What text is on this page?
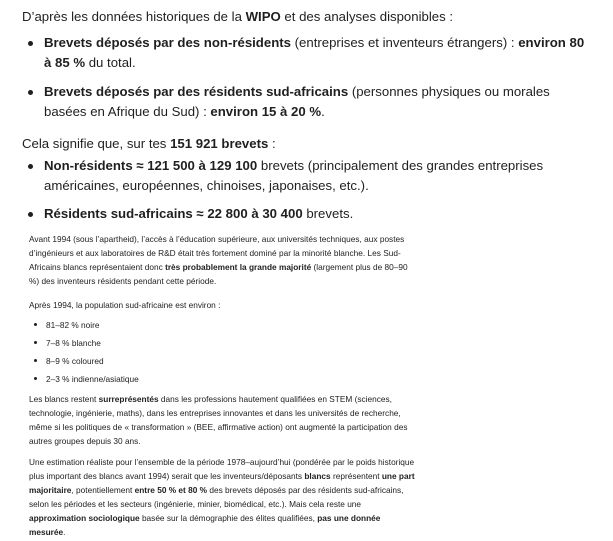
D’après les données historiques de la WIPO et des analyses disponibles :

Brevets déposés par des non-résidents (entreprises et inventeurs étrangers) : environ 80 à 85 % du total.
Brevets déposés par des résidents sud-africains (personnes physiques ou morales basées en Afrique du Sud) : environ 15 à 20 %.

Cela signifie que, sur tes 151 921 brevets :

Non-résidents ≈ 121 500 à 129 100 brevets (principalement des grandes entreprises américaines, européennes, chinoises, japonaises, etc.).
Résidents sud-africains ≈ 22 800 à 30 400 brevets.

Avant 1994 (sous l’apartheid), l’accès à l’éducation supérieure, aux universités techniques, aux postes d’ingénieurs et aux laboratoires de R&D était très fortement dominé par la minorité blanche. Les Sud-Africains blancs représentaient donc très probablement la grande majorité (largement plus de 80–90 %) des inventeurs résidents pendant cette période.

Après 1994, la population sud-africaine est environ :

81–82 % noire
7–8 % blanche
8–9 % coloured
2–3 % indienne/asiatique

Les blancs restent surreprésentés dans les professions hautement qualifiées en STEM (sciences, technologie, ingénierie, maths), dans les entreprises innovantes et dans les universités de recherche, même si les politiques de « transformation » (BEE, affirmative action) ont augmenté la participation des autres groupes depuis 30 ans.

Une estimation réaliste pour l’ensemble de la période 1978–aujourd’hui (pondérée par le poids historique plus important des blancs avant 1994) serait que les inventeurs/déposants blancs représentent une part majoritaire, potentiellement entre 50 % et 80 % des brevets déposés par des résidents sud-africains, selon les périodes et les secteurs (ingénierie, minier, biomédical, etc.). Mais cela reste une approximation sociologique basée sur la démographie des élites qualifiées, pas une donnée mesurée.
